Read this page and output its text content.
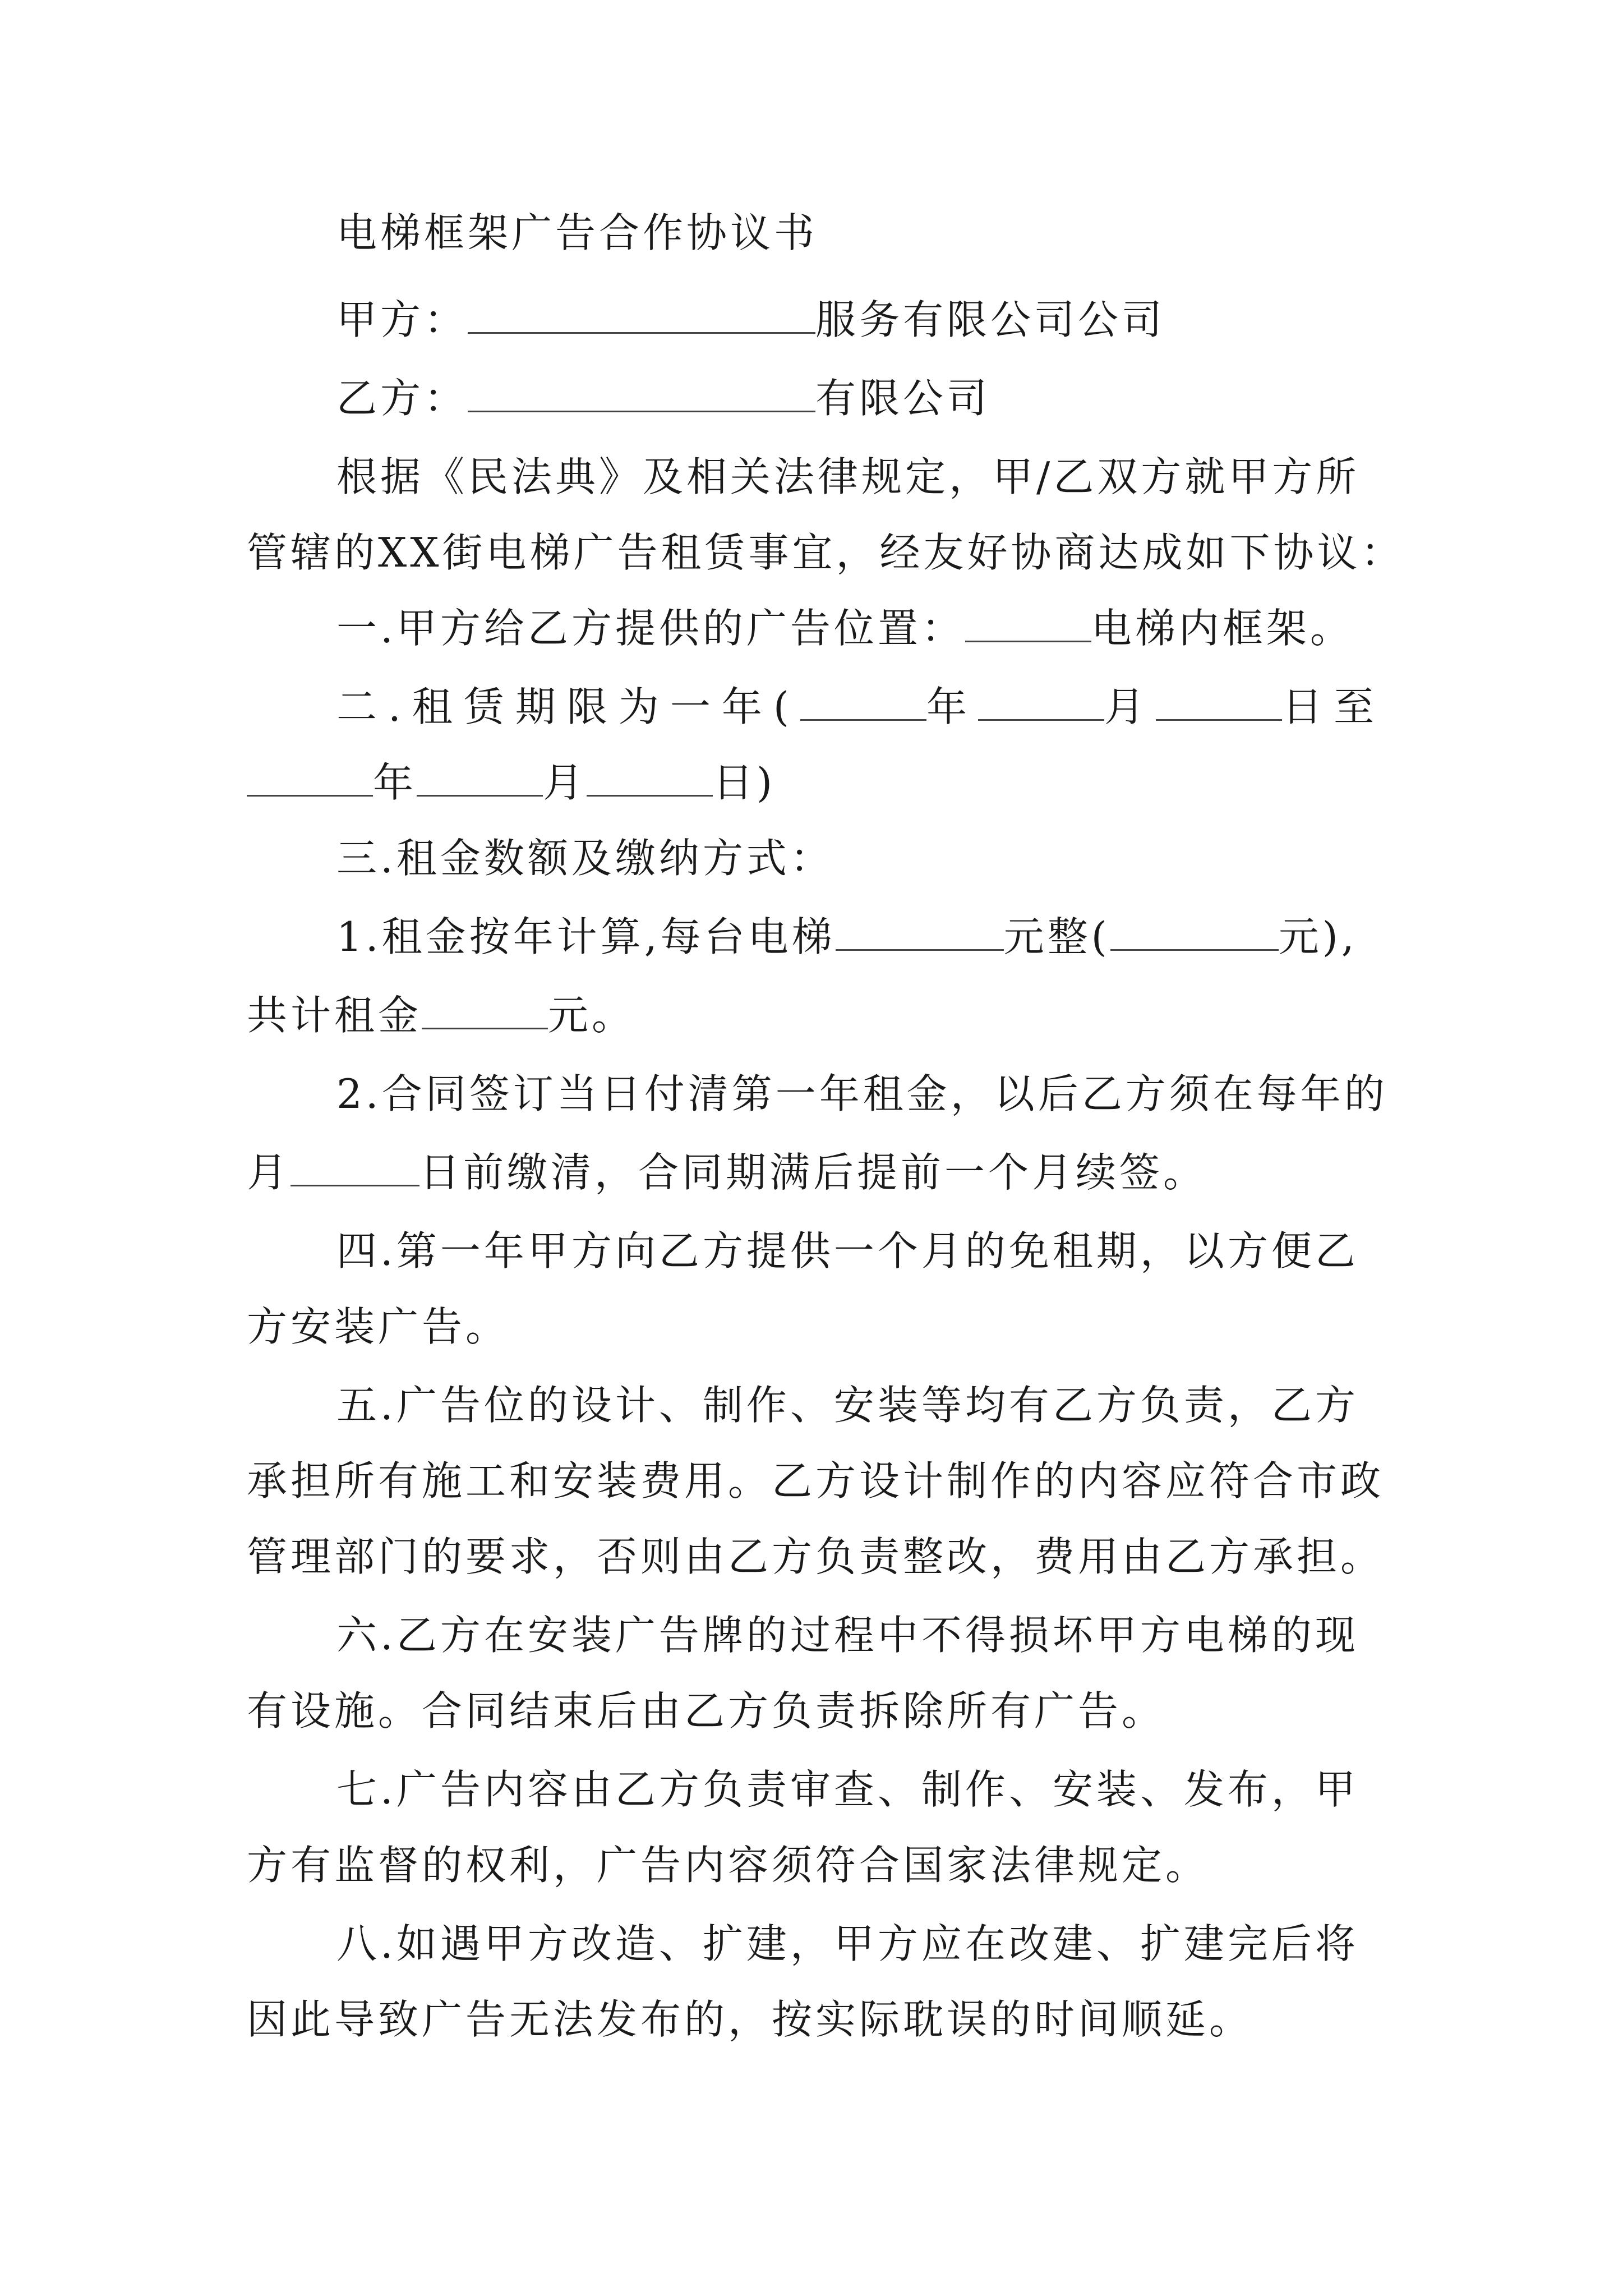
电梯框架广告合作协议书
甲方：	服务有限公司公司
乙方：	有限公司
根据《民法典》及相关法律规定，甲/乙双方就甲方所
管辖的XX街电梯广告租赁事宜，经友好协商达成如下协议：
一.甲方给乙方提供的广告位置：	电梯内框架。
二.租赁期限为一年(	年	月	日至
年	月	日)
三.租金数额及缴纳方式：
1.租金按年计算,每台电梯	元整(	元),
共计租金	元。
2.合同签订当日付清第一年租金，以后乙方须在每年的
月	日前缴清，合同期满后提前一个月续签。
四.第一年甲方向乙方提供一个月的免租期，以方便乙
方安装广告。
五.广告位的设计、制作、安装等均有乙方负责，乙方
承担所有施工和安装费用。乙方设计制作的内容应符合市政
管理部门的要求，否则由乙方负责整改，费用由乙方承担。
六.乙方在安装广告牌的过程中不得损坏甲方电梯的现
有设施。合同结束后由乙方负责拆除所有广告。
七.广告内容由乙方负责审查、制作、安装、发布，甲
方有监督的权利，广告内容须符合国家法律规定。
八.如遇甲方改造、扩建，甲方应在改建、扩建完后将
因此导致广告无法发布的，按实际耽误的时间顺延。
